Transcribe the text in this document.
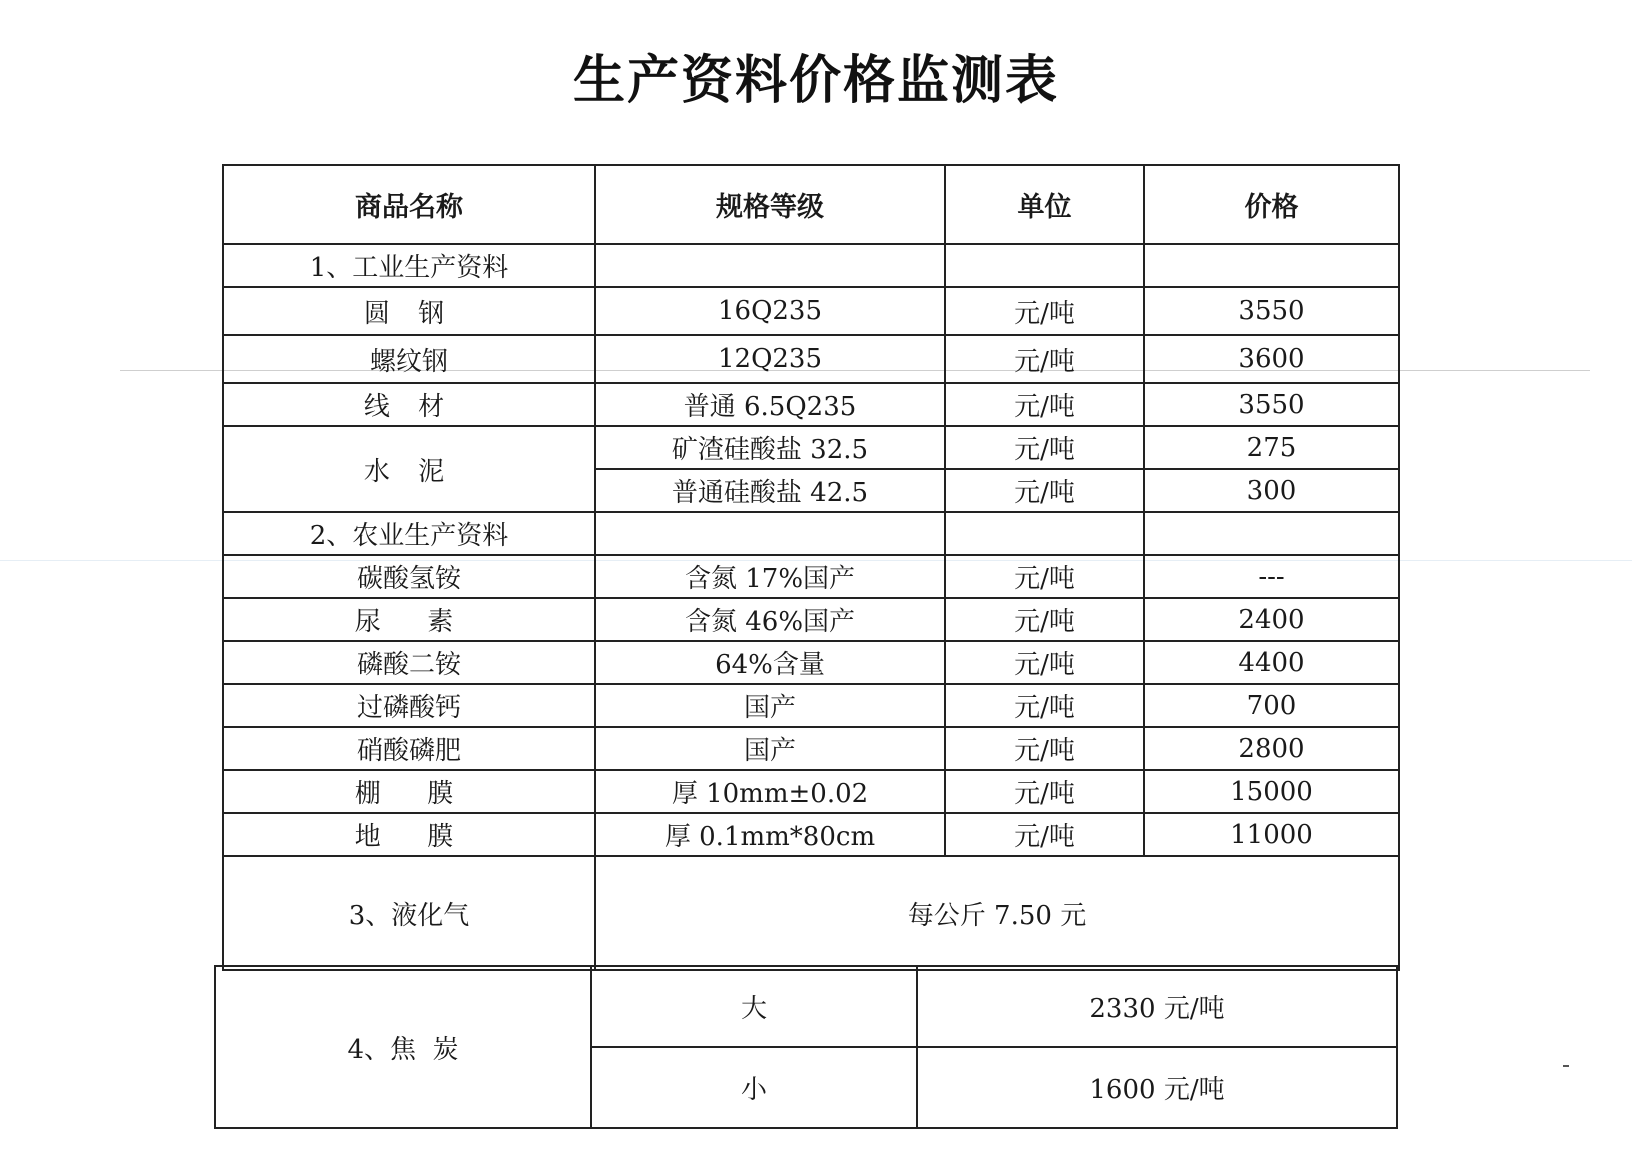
生产资料价格监测表
商品名称	规格等级	单位	价格
1、工业生产资料			
圆 钢	16Q235	元/吨	3550
螺纹钢	12Q235	元/吨	3600
线 材	普通 6.5Q235	元/吨	3550
水 泥	矿渣硅酸盐 32.5	元/吨	275
	普通硅酸盐 42.5	元/吨	300
2、农业生产资料			
碳酸氢铵	含氮 17%国产	元/吨	---
尿  素	含氮 46%国产	元/吨	2400
磷酸二铵	64%含量	元/吨	4400
过磷酸钙	国产	元/吨	700
硝酸磷肥	国产	元/吨	2800
棚  膜	厚 10mm±0.02	元/吨	15000
地  膜	厚 0.1mm*80cm	元/吨	11000
3、液化气	每公斤 7.50 元		
4、焦  炭	大	2330 元/吨
	小	1600 元/吨
